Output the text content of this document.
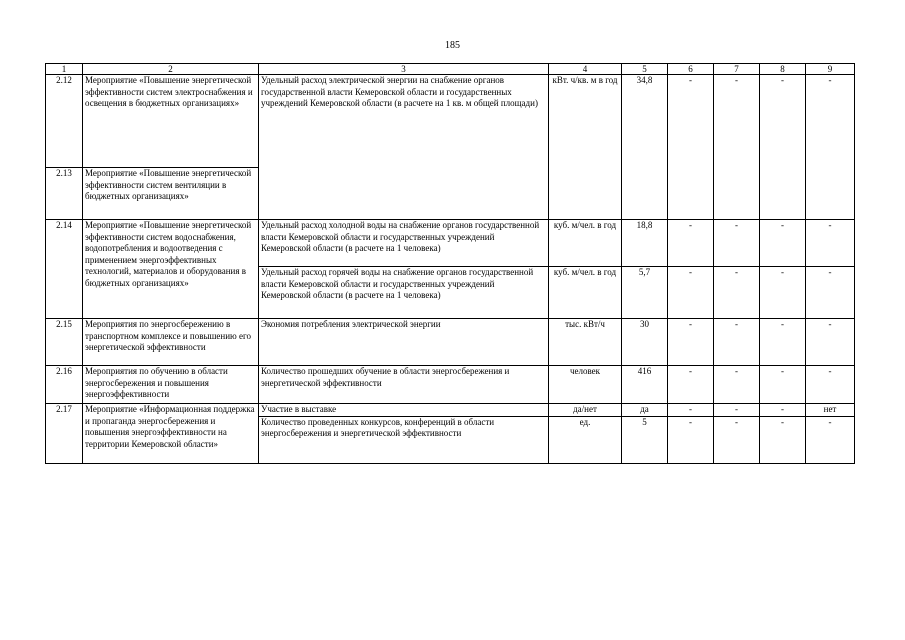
185
1	2	3	4	5	6	7	8	9
2.12	Мероприятие «Повышение энергетической эффективности систем электроснабжения и освещения в бюджетных организациях»	Удельный расход электрической энергии на снабжение органов государственной власти Кемеровской области и государственных учреждений Кемеровской области (в расчете на 1 кв. м общей площади)	кВт. ч/кв. м в год	34,8	-	-	-	-
2.13	Мероприятие «Повышение энергетической эффективности систем вентиляции в бюджетных организациях»							
2.14	Мероприятие «Повышение энергетической эффективности систем водоснабжения, водопотребления и водоотведения с применением энергоэффективных технологий, материалов и оборудования в бюджетных организациях»	Удельный расход холодной воды на снабжение органов государственной власти Кемеровской области и государственных учреждений Кемеровской области (в расчете на 1 человека)	куб. м/чел. в год	18,8	-	-	-	-
		Удельный расход горячей воды на снабжение органов государственной власти Кемеровской области и государственных учреждений Кемеровской области (в расчете на 1 человека)	куб. м/чел. в год	5,7	-	-	-	-
2.15	Мероприятия по энергосбережению в транспортном комплексе и повышению его энергетической эффективности	Экономия потребления электрической энергии	тыс. кВт/ч	30	-	-	-	-
2.16	Мероприятия по обучению в области энергосбережения и повышения энергоэффективности	Количество прошедших обучение в области энергосбережения и энергетической эффективности	человек	416	-	-	-	-
2.17	Мероприятие «Информационная поддержка и пропаганда энергосбережения и повышения энергоэффективности на территории Кемеровской области»	Участие в выставке	да/нет	да	-	-	-	нет
		Количество проведенных конкурсов, конференций в области энергосбережения и энергетической эффективности	ед.	5	-	-	-	-
